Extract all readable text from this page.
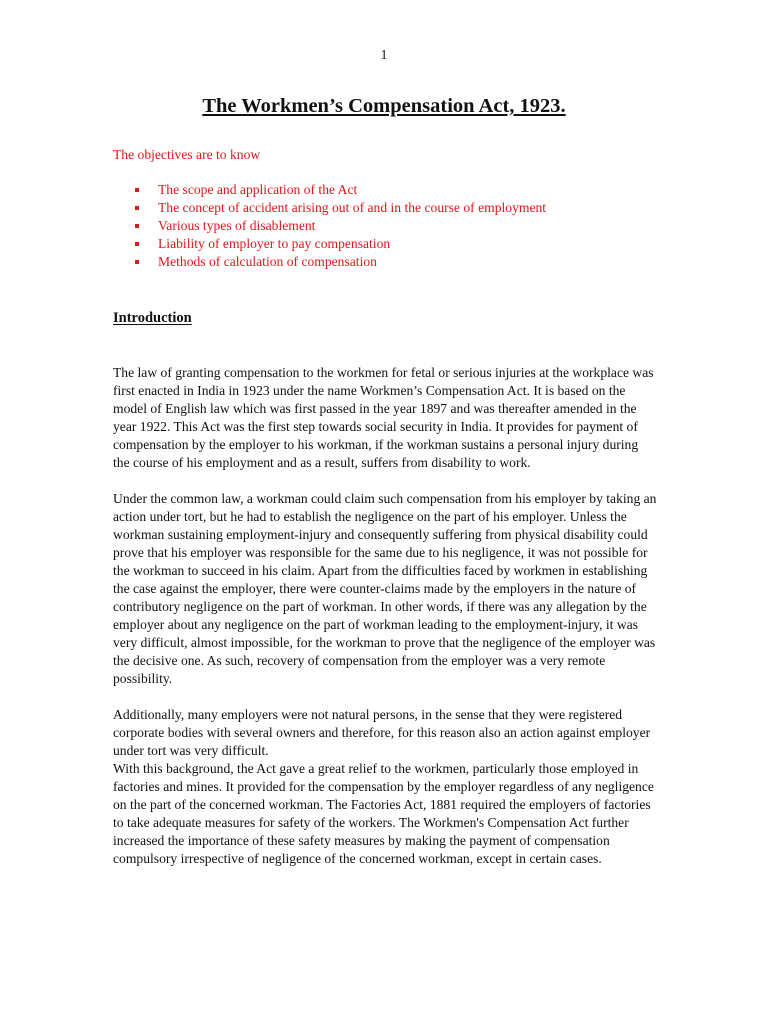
1
The Workmen’s Compensation Act, 1923.

The objectives are to know

The scope and application of the Act
The concept of accident arising out of and in the course of employment
Various types of disablement
Liability of employer to pay compensation
Methods of calculation of compensation
Introduction

The law of granting compensation to the workmen for fetal or serious injuries at the workplace was first enacted in India in 1923 under the name Workmen’s Compensation Act. It is based on the model of English law which was first passed in the year 1897 and was thereafter amended in the year 1922. This Act was the first step towards social security in India. It provides for payment of compensation by the employer to his workman, if the workman sustains a personal injury during the course of his employment and as a result, suffers from disability to work.

Under the common law, a workman could claim such compensation from his employer by taking an action under tort, but he had to establish the negligence on the part of his employer. Unless the workman sustaining employment-injury and consequently suffering from physical disability could prove that his employer was responsible for the same due to his negligence, it was not possible for the workman to succeed in his claim. Apart from the difficulties faced by workmen in establishing the case against the employer, there were counter-claims made by the employers in the nature of contributory negligence on the part of workman. In other words, if there was any allegation by the employer about any negligence on the part of workman leading to the employment-injury, it was very difficult, almost impossible, for the workman to prove that the negligence of the employer was the decisive one. As such, recovery of compensation from the employer was a very remote possibility.

Additionally, many employers were not natural persons, in the sense that they were registered corporate bodies with several owners and therefore, for this reason also an action against employer under tort was very difficult.

With this background, the Act gave a great relief to the workmen, particularly those employed in factories and mines. It provided for the compensation by the employer regardless of any negligence on the part of the concerned workman. The Factories Act, 1881 required the employers of factories to take adequate measures for safety of the workers. The Workmen's Compensation Act further increased the importance of these safety measures by making the payment of compensation compulsory irrespective of negligence of the concerned workman, except in certain cases.
